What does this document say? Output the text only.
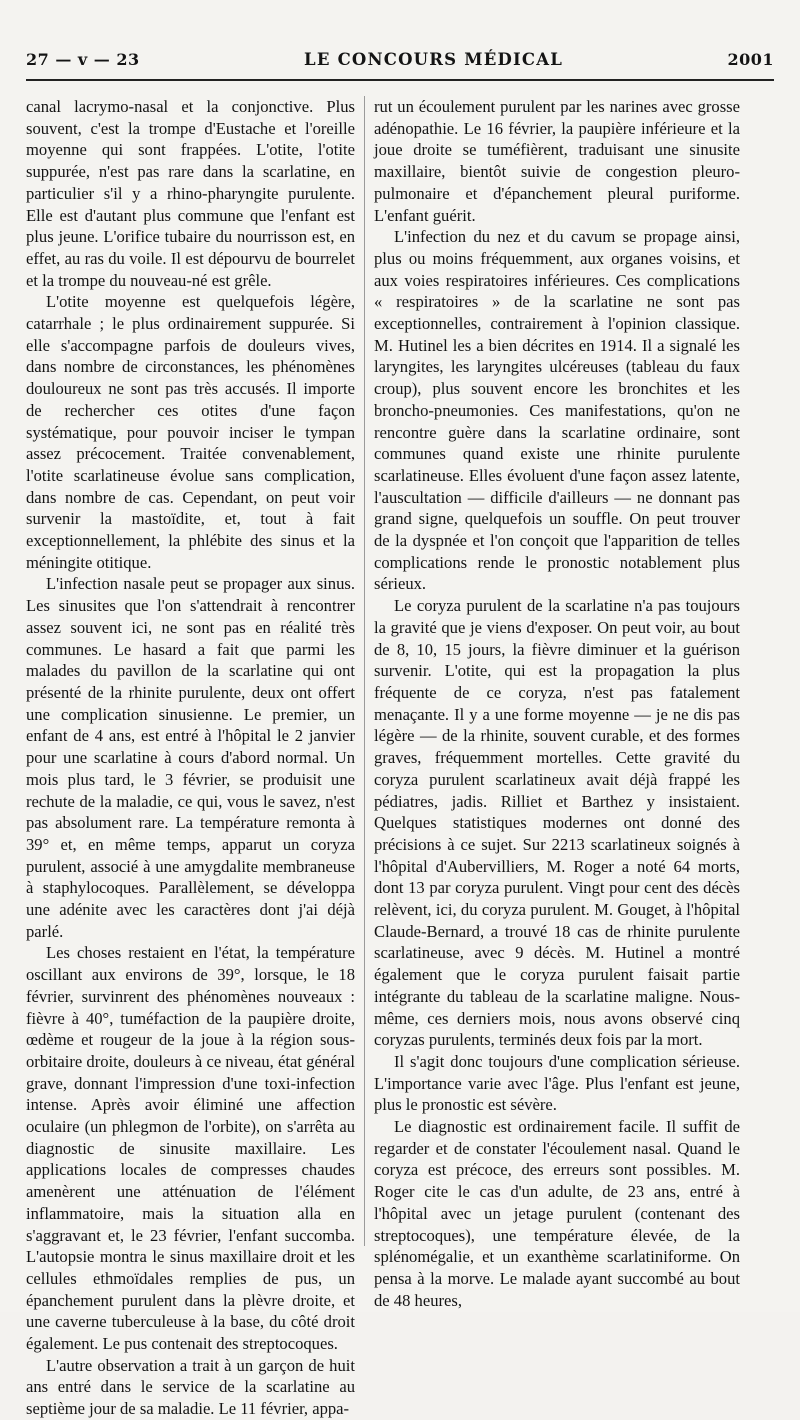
27 — v — 23	LE CONCOURS MÉDICAL	2001

canal lacrymo-nasal et la conjonctive. Plus souvent, c'est la trompe d'Eustache et l'oreille moyenne qui sont frappées. L'otite, l'otite suppurée, n'est pas rare dans la scarlatine, en particulier s'il y a rhino-pharyngite purulente. Elle est d'autant plus commune que l'enfant est plus jeune. L'orifice tubaire du nourrisson est, en effet, au ras du voile. Il est dépourvu de bourrelet et la trompe du nouveau-né est grêle.

L'otite moyenne est quelquefois légère, catarrhale ; le plus ordinairement suppurée. Si elle s'accompagne parfois de douleurs vives, dans nombre de circonstances, les phénomènes douloureux ne sont pas très accusés. Il importe de rechercher ces otites d'une façon systématique, pour pouvoir inciser le tympan assez précocement. Traitée convenablement, l'otite scarlatineuse évolue sans complication, dans nombre de cas. Cependant, on peut voir survenir la mastoïdite, et, tout à fait exceptionnellement, la phlébite des sinus et la méningite otitique.

L'infection nasale peut se propager aux sinus. Les sinusites que l'on s'attendrait à rencontrer assez souvent ici, ne sont pas en réalité très communes. Le hasard a fait que parmi les malades du pavillon de la scarlatine qui ont présenté de la rhinite purulente, deux ont offert une complication sinusienne. Le premier, un enfant de 4 ans, est entré à l'hôpital le 2 janvier pour une scarlatine à cours d'abord normal. Un mois plus tard, le 3 février, se produisit une rechute de la maladie, ce qui, vous le savez, n'est pas absolument rare. La température remonta à 39° et, en même temps, apparut un coryza purulent, associé à une amygdalite membraneuse à staphylocoques. Parallèlement, se développa une adénite avec les caractères dont j'ai déjà parlé.

Les choses restaient en l'état, la température oscillant aux environs de 39°, lorsque, le 18 février, survinrent des phénomènes nouveaux : fièvre à 40°, tuméfaction de la paupière droite, œdème et rougeur de la joue à la région sous-orbitaire droite, douleurs à ce niveau, état général grave, donnant l'impression d'une toxi-infection intense. Après avoir éliminé une affection oculaire (un phlegmon de l'orbite), on s'arrêta au diagnostic de sinusite maxillaire. Les applications locales de compresses chaudes amenèrent une atténuation de l'élément inflammatoire, mais la situation alla en s'aggravant et, le 23 février, l'enfant succomba. L'autopsie montra le sinus maxillaire droit et les cellules ethmoïdales remplies de pus, un épanchement purulent dans la plèvre droite, et une caverne tuberculeuse à la base, du côté droit également. Le pus contenait des streptocoques.

L'autre observation a trait à un garçon de huit ans entré dans le service de la scarlatine au septième jour de sa maladie. Le 11 février, appa-

rut un écoulement purulent par les narines avec grosse adénopathie. Le 16 février, la paupière inférieure et la joue droite se tuméfièrent, traduisant une sinusite maxillaire, bientôt suivie de congestion pleuro-pulmonaire et d'épanchement pleural puriforme. L'enfant guérit.

L'infection du nez et du cavum se propage ainsi, plus ou moins fréquemment, aux organes voisins, et aux voies respiratoires inférieures. Ces complications « respiratoires » de la scarlatine ne sont pas exceptionnelles, contrairement à l'opinion classique. M. Hutinel les a bien décrites en 1914. Il a signalé les laryngites, les laryngites ulcéreuses (tableau du faux croup), plus souvent encore les bronchites et les broncho-pneumonies. Ces manifestations, qu'on ne rencontre guère dans la scarlatine ordinaire, sont communes quand existe une rhinite purulente scarlatineuse. Elles évoluent d'une façon assez latente, l'auscultation — difficile d'ailleurs — ne donnant pas grand signe, quelquefois un souffle. On peut trouver de la dyspnée et l'on conçoit que l'apparition de telles complications rende le pronostic notablement plus sérieux.

Le coryza purulent de la scarlatine n'a pas toujours la gravité que je viens d'exposer. On peut voir, au bout de 8, 10, 15 jours, la fièvre diminuer et la guérison survenir. L'otite, qui est la propagation la plus fréquente de ce coryza, n'est pas fatalement menaçante. Il y a une forme moyenne — je ne dis pas légère — de la rhinite, souvent curable, et des formes graves, fréquemment mortelles. Cette gravité du coryza purulent scarlatineux avait déjà frappé les pédiatres, jadis. Rilliet et Barthez y insistaient. Quelques statistiques modernes ont donné des précisions à ce sujet. Sur 2213 scarlatineux soignés à l'hôpital d'Aubervilliers, M. Roger a noté 64 morts, dont 13 par coryza purulent. Vingt pour cent des décès relèvent, ici, du coryza purulent. M. Gouget, à l'hôpital Claude-Bernard, a trouvé 18 cas de rhinite purulente scarlatineuse, avec 9 décès. M. Hutinel a montré également que le coryza purulent faisait partie intégrante du tableau de la scarlatine maligne. Nous-même, ces derniers mois, nous avons observé cinq coryzas purulents, terminés deux fois par la mort.

Il s'agit donc toujours d'une complication sérieuse. L'importance varie avec l'âge. Plus l'enfant est jeune, plus le pronostic est sévère.

Le diagnostic est ordinairement facile. Il suffit de regarder et de constater l'écoulement nasal. Quand le coryza est précoce, des erreurs sont possibles. M. Roger cite le cas d'un adulte, de 23 ans, entré à l'hôpital avec un jetage purulent (contenant des streptocoques), une température élevée, de la splénomégalie, et un exanthème scarlatiniforme. On pensa à la morve. Le malade ayant succombé au bout de 48 heures,
